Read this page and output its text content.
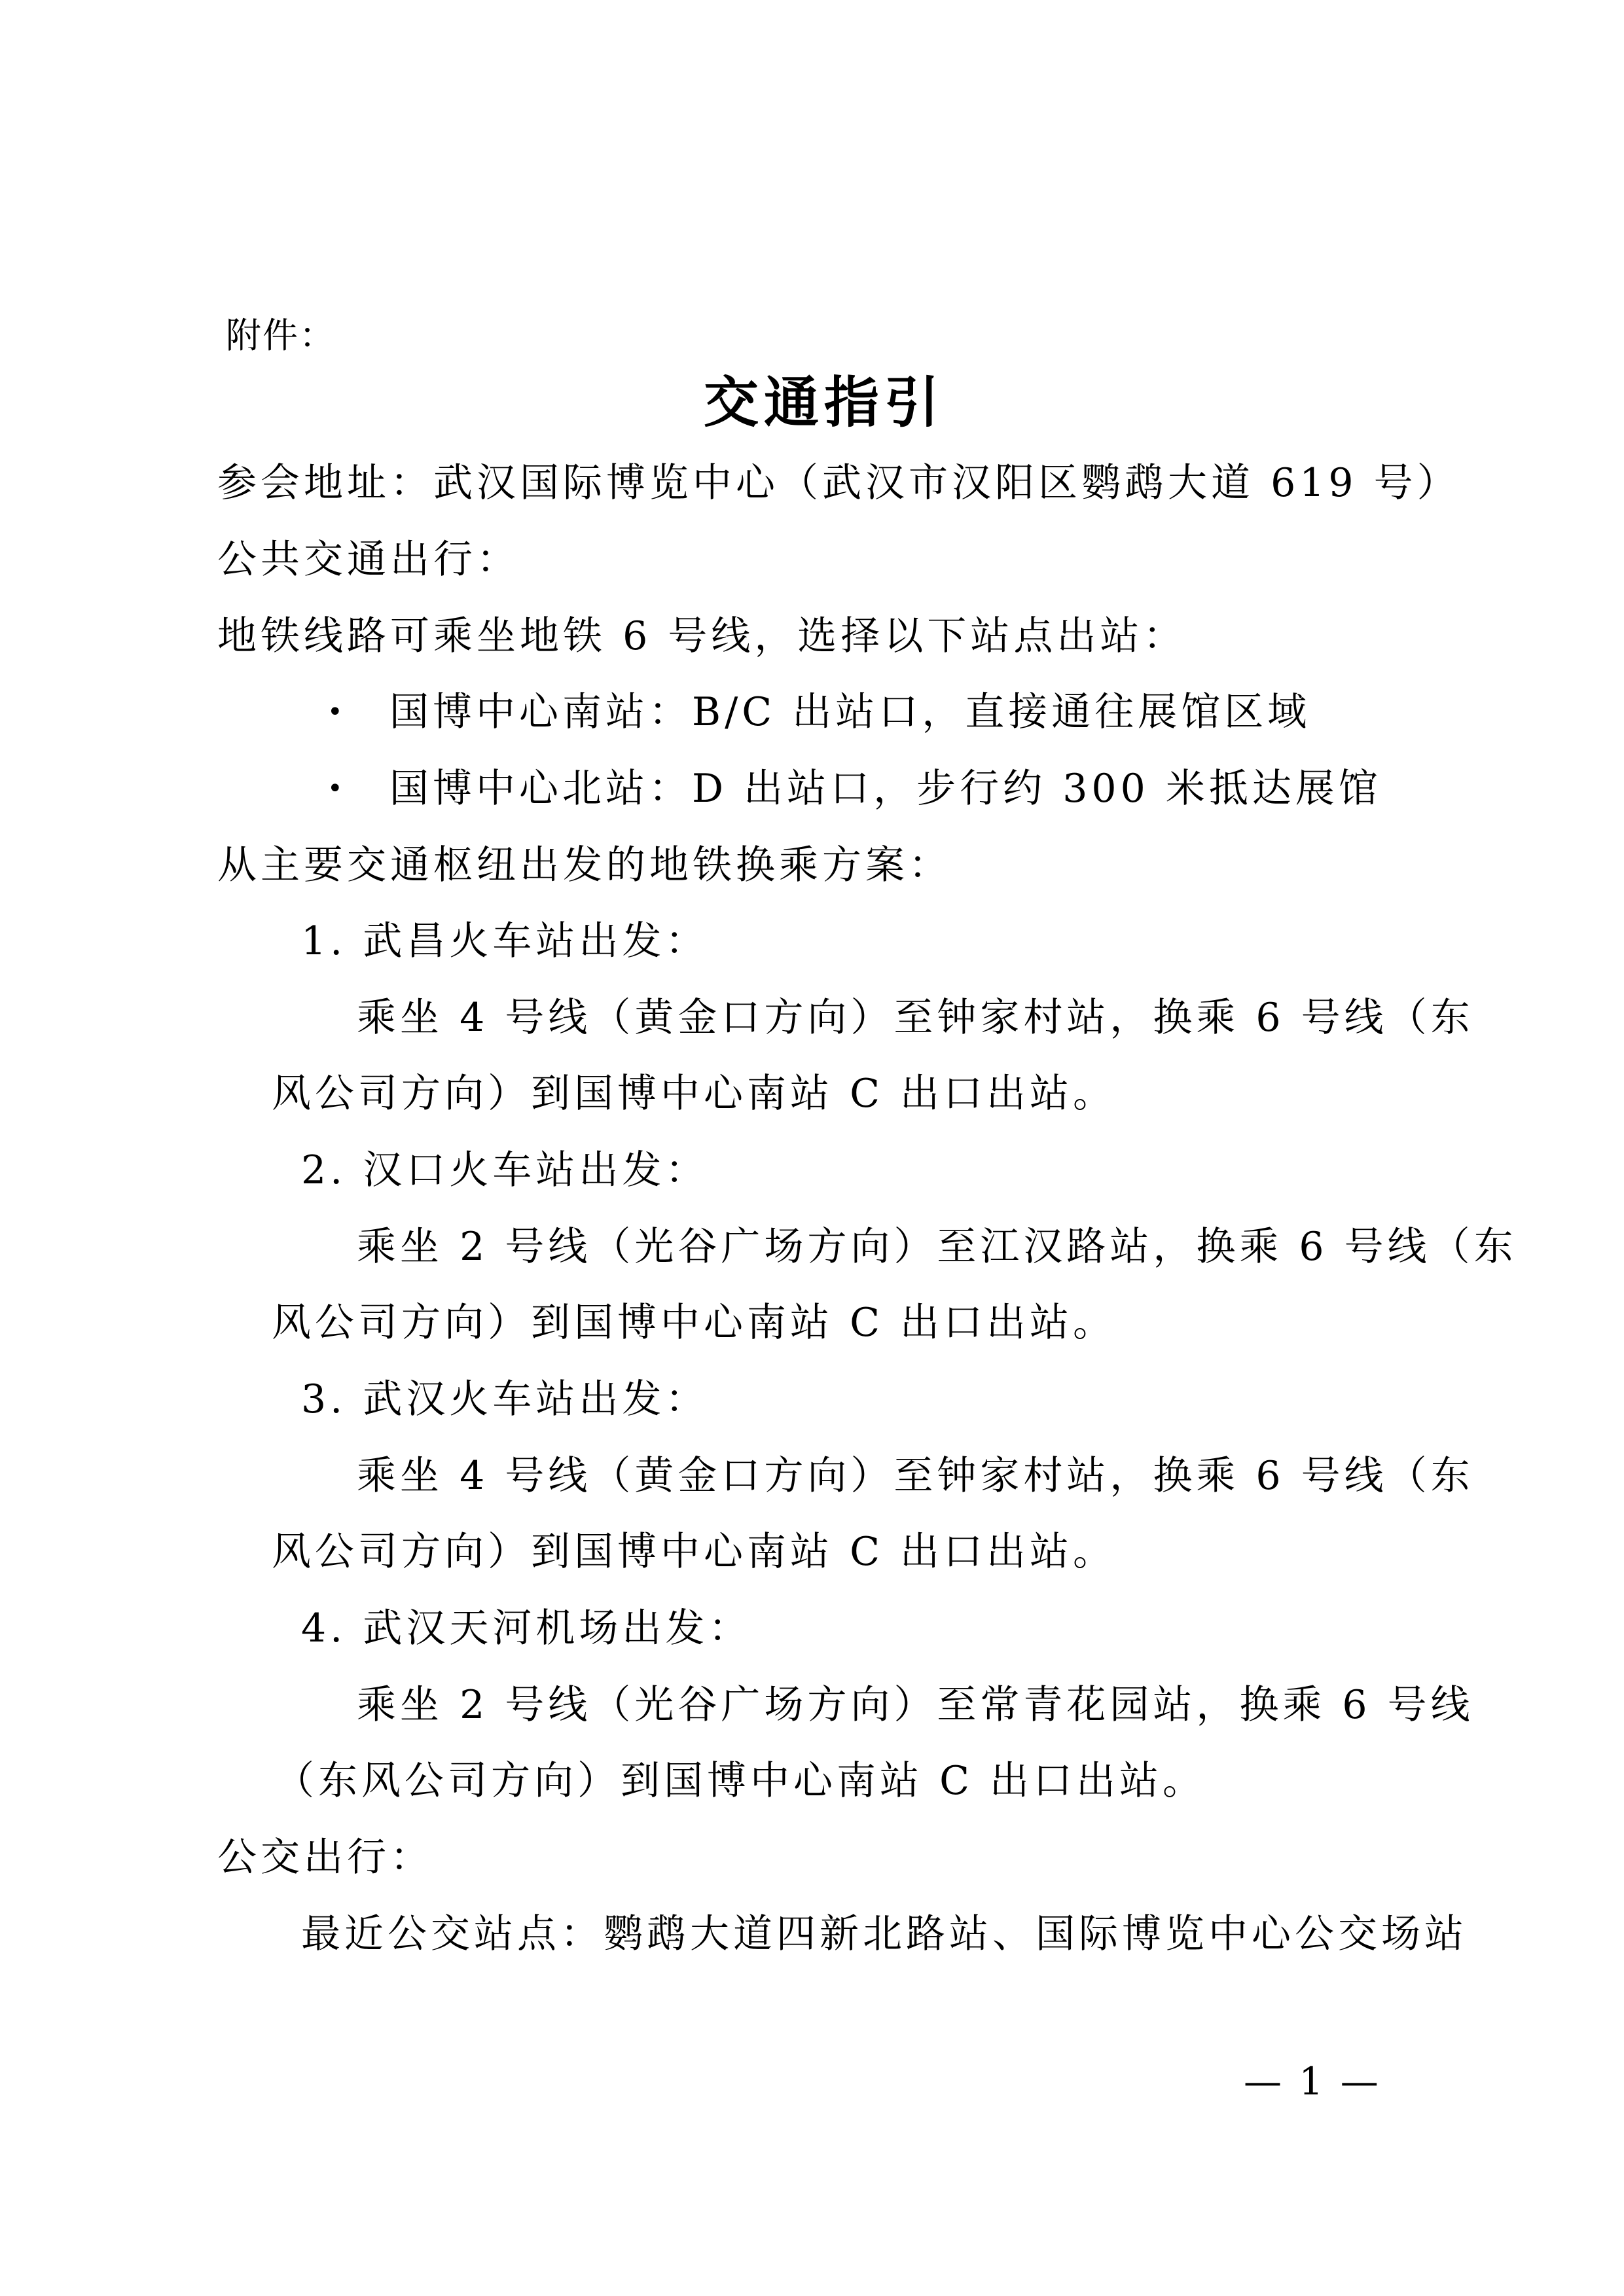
附件：
交通指引
参会地址：武汉国际博览中心（武汉市汉阳区鹦鹉大道 619 号）
公共交通出行：
地铁线路可乘坐地铁 6 号线，选择以下站点出站：
• 国博中心南站：B/C 出站口，直接通往展馆区域
• 国博中心北站：D 出站口，步行约 300 米抵达展馆
从主要交通枢纽出发的地铁换乘方案：
1. 武昌火车站出发：
乘坐 4 号线（黄金口方向）至钟家村站，换乘 6 号线（东
风公司方向）到国博中心南站 C 出口出站。
2. 汉口火车站出发：
乘坐 2 号线（光谷广场方向）至江汉路站，换乘 6 号线（东
风公司方向）到国博中心南站 C 出口出站。
3. 武汉火车站出发：
乘坐 4 号线（黄金口方向）至钟家村站，换乘 6 号线（东
风公司方向）到国博中心南站 C 出口出站。
4. 武汉天河机场出发：
乘坐 2 号线（光谷广场方向）至常青花园站，换乘 6 号线
（东风公司方向）到国博中心南站 C 出口出站。
公交出行：
最近公交站点：鹦鹉大道四新北路站、国际博览中心公交场站
— 1 —
